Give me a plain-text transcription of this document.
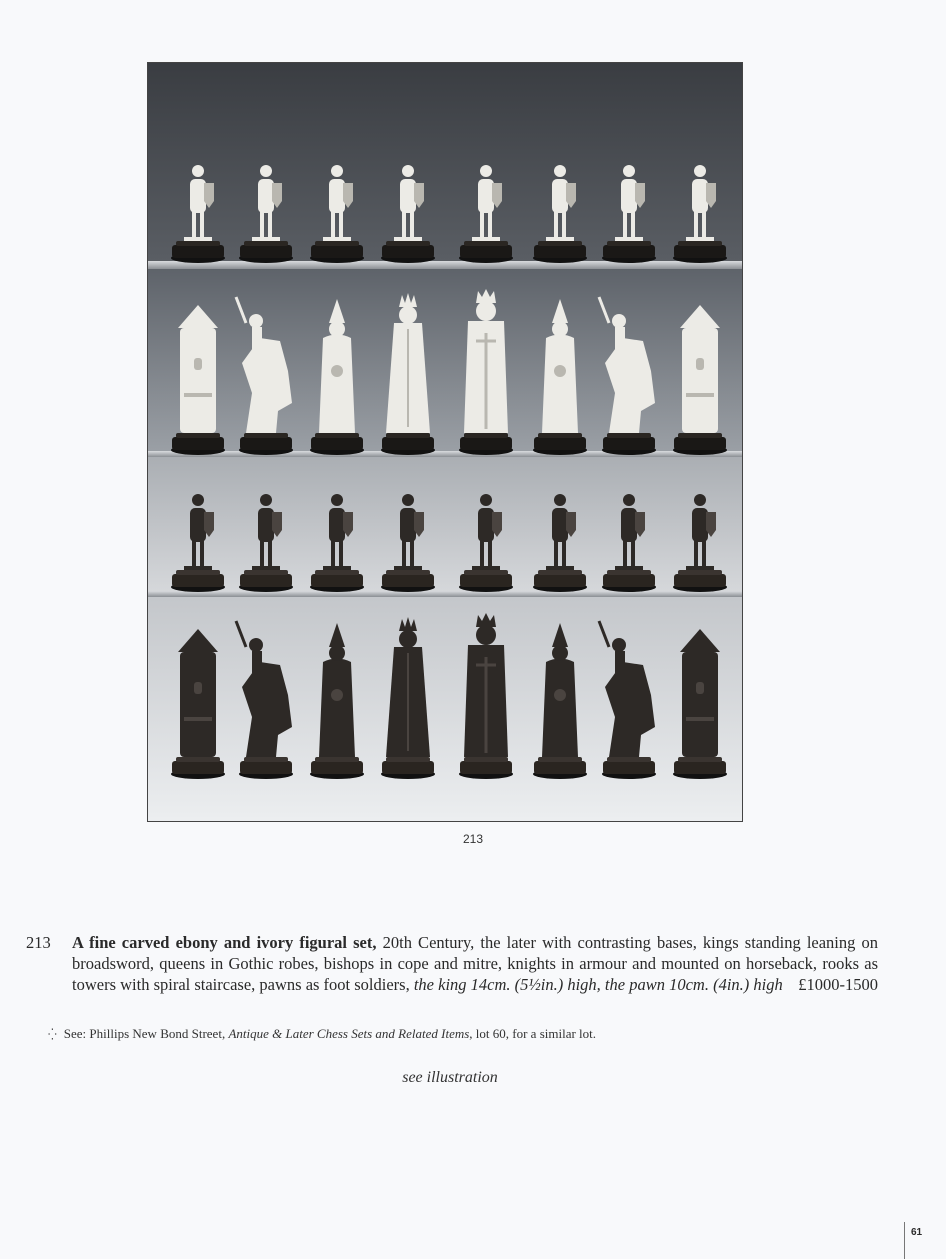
213
213 A fine carved ebony and ivory figural set, 20th Century, the later with contrasting bases, kings standing leaning on broadsword, queens in Gothic robes, bishops in cope and mitre, knights in armour and mounted on horseback, rooks as towers with spiral staircase, pawns as foot soldiers, the king 14cm. (5½in.) high, the pawn 10cm. (4in.) high £1000-1500
⁛ See: Phillips New Bond Street, Antique & Later Chess Sets and Related Items, lot 60, for a similar lot.
see illustration
61
